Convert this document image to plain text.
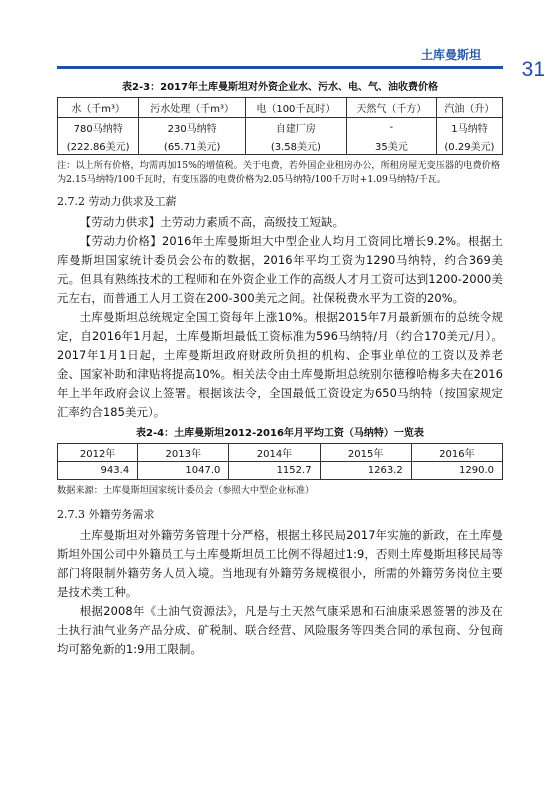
土库曼斯坦
31
表2-3：2017年土库曼斯坦对外资企业水、污水、电、气、油收费价格
水（千m³）	污水处理（千m³）	电（100千瓦时）	天然气（千方）	汽油（升）
780马纳特	230马纳特	自建厂房	-	1马纳特
(222.86美元)	(65.71美元)	(3.58美元)	35美元	(0.29美元)
注：以上所有价格，均需再加15%的增值税。关于电费，若外国企业租房办公，所租房屋无变压器的电费价格为2.15马纳特/100千瓦时，有变压器的电费价格为2.05马纳特/100千万时+1.09马纳特/千瓦。
2.7.2 劳动力供求及工薪

【劳动力供求】土劳动力素质不高，高级技工短缺。

【劳动力价格】2016年土库曼斯坦大中型企业人均月工资同比增长9.2%。根据土库曼斯坦国家统计委员会公布的数据，2016年平均工资为1290马纳特，约合369美元。但具有熟练技术的工程师和在外资企业工作的高级人才月工资可达到1200-2000美元左右，而普通工人月工资在200-300美元之间。社保税费水平为工资的20%。

土库曼斯坦总统规定全国工资每年上涨10%。根据2015年7月最新颁布的总统令规定，自2016年1月起，土库曼斯坦最低工资标准为596马纳特/月（约合170美元/月）。2017年1月1日起，土库曼斯坦政府财政所负担的机构、企事业单位的工资以及养老金、国家补助和津贴将提高10%。相关法令由土库曼斯坦总统别尔德穆哈梅多夫在2016年上半年政府会议上签署。根据该法令，全国最低工资设定为650马纳特（按国家规定汇率约合185美元）。

表2-4：土库曼斯坦2012-2016年月平均工资（马纳特）一览表
2012年	2013年	2014年	2015年	2016年
943.4	1047.0	1152.7	1263.2	1290.0
数据来源：土库曼斯坦国家统计委员会（参照大中型企业标准）
2.7.3 外籍劳务需求

土库曼斯坦对外籍劳务管理十分严格，根据土移民局2017年实施的新政，在土库曼斯坦外国公司中外籍员工与土库曼斯坦员工比例不得超过1:9，否则土库曼斯坦移民局等部门将限制外籍劳务人员入境。当地现有外籍劳务规模很小，所需的外籍劳务岗位主要是技术类工种。

根据2008年《土油气资源法》，凡是与土天然气康采恩和石油康采恩签署的涉及在土执行油气业务产品分成、矿税制、联合经营、风险服务等四类合同的承包商、分包商均可豁免新的1:9用工限制。
